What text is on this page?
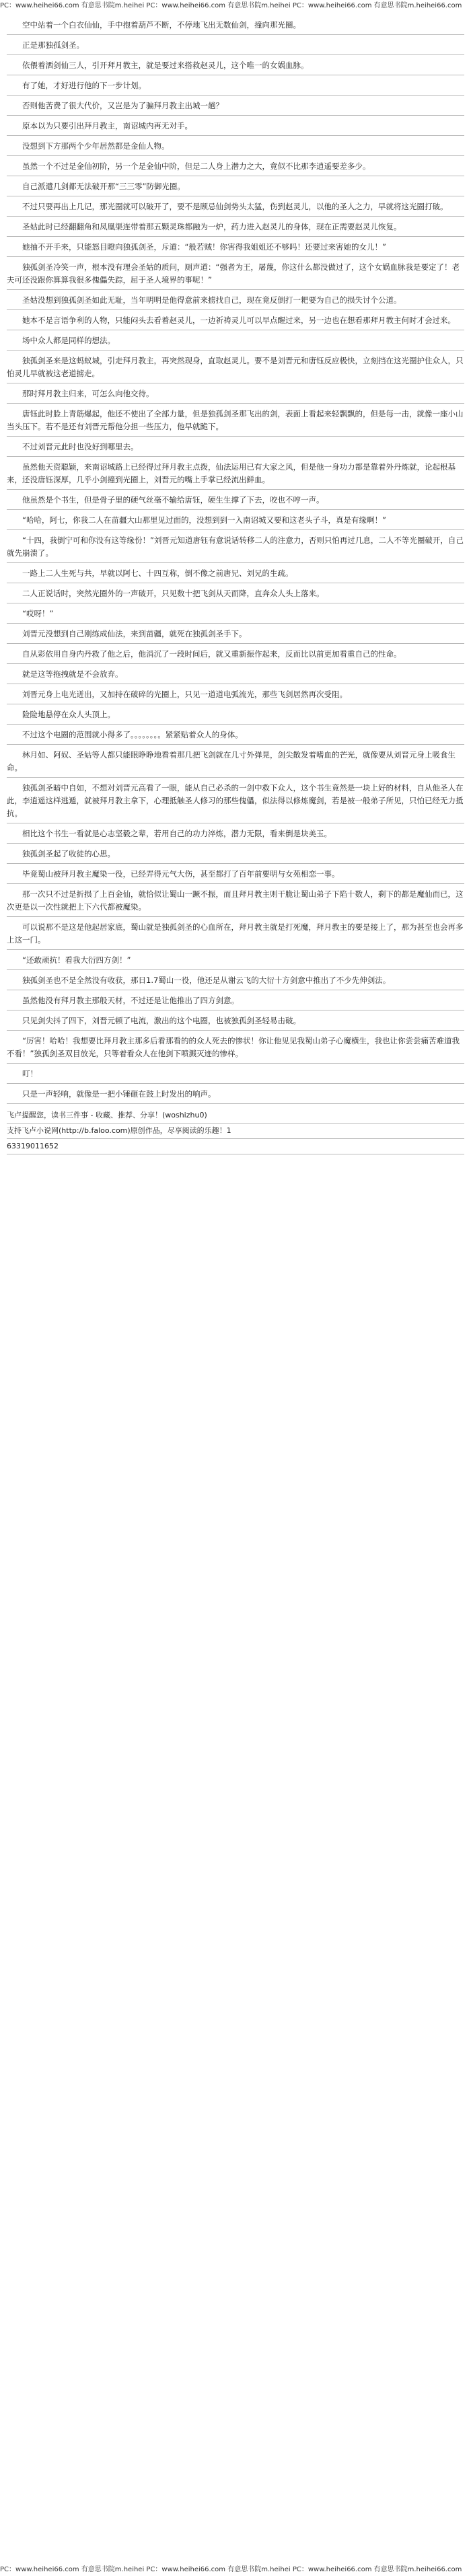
PC：www.heihei66.com 有意思书院m.heihei PC：www.heihei66.com 有意思书院m.heihei PC：www.heihei66.com 有意思书院m.heihei66.com

空中站着一个白衣仙仙，手中抱着葫芦不断，不停地飞出无数仙剑，撞向那光圈。

正是那独孤剑圣。

依偎着洒剑仙三人，引开拜月教主，就是要过来搭救赵灵儿，这个唯一的女娲血脉。

有了她，才好进行他的下一步计划。

否则他苦费了很大代价，又岂是为了骗拜月教主出城一趟？

原本以为只要引出拜月教主，南诏城内再无对手。

没想到下方那两个少年居然都是金仙人物。

虽然一个不过是金仙初阶，另一个是金仙中阶，但是二人身上潜力之大，竟似不比那李逍遥要差多少。

自己派遣几剑都无法破开那“三三零”防御光圈。

不过只要再出上几记，那光圈就可以破开了，要不是顾忌仙剑势头太猛，伤到赵灵儿，以他的圣人之力，早就将这光圈打破。

圣姑此时已经翻翻角和凤凰渠连带着那五颗灵珠都融为一炉，药力进入赵灵儿的身体，现在正需要赵灵儿恢复。

她抽不开手来，只能怒目瞪向独孤剑圣，斥道：“般若贼！你害得我姐姐还不够吗！还要过来害她的女儿！”

独孤剑圣冷笑一声，根本没有理会圣姑的质问，厕声道：“强者为王，屠蔑，你这什么都没做过了，这个女娲血脉我是要定了！老夫可还没跟你算算我很多傀儡失踪，屈于圣人境界的事呢！”

圣姑没想到独孤剑圣如此无耻，当年明明是他得意前来掳找自己，现在竟反倒打一耙要为自己的损失讨个公道。

她本不是言语争利的人物，只能闷头去看着赵灵儿，一边祈祷灵儿可以早点醒过来，另一边也在想看那拜月教主何时才会过来。

场中众人都是同样的想法。

独孤剑圣来是这蚂蚁城，引走拜月教主，再突然现身，直取赵灵儿。要不是刘晋元和唐钰反应极快，立刻挡在这光圈护住众人，只怕灵儿早就被这老道掳走。

那时拜月教主归来，可怎么向他交待。

唐钰此时脸上青筋爆起，他还不使出了全部力量，但是独孤剑圣那飞出的剑，表面上看起来轻飘飘的，但是每一击，就像一座小山当头压下。若不是还有刘晋元帮他分担一些压力，他早就跪下。

不过刘晋元此时也没好到哪里去。

虽然他天资聪颖，来南诏城路上已经得过拜月教主点拨，仙法运用已有大家之风，但是他一身功力都是靠着外丹炼就，论起根基来，还没唐钰深厚，几乎小剑撞到光圈上，刘晋元的嘴上手掌已经流出鲜血。

他虽然是个书生，但是骨子里的硬气丝毫不输给唐钰，硬生生撑了下去，咬也不哼一声。

“哈哈，阿七，你我二人在苗疆大山那里见过面的，没想到到一入南诏城又要和这老头子斗，真是有缘啊！”

“十四，我倒宁可和你没有这等缘份！”刘晋元知道唐钰有意说话转移二人的注意力，否则只怕再过几息，二人不等光圈破开，自己就先崩溃了。

一路上二人生死与共，早就以阿七、十四互称，倒不像之前唐兄、刘兄的生疏。

二人正说话时，突然光圈外的一声破开，只见数十把飞剑从天而降，直奔众人头上落来。

“哎呀！”

刘晋元没想到自己刚练成仙法，来到苗疆，就死在独孤剑圣手下。

自从彩依用自身内丹救了他之后，他消沉了一段时间后，就又重新振作起来，反而比以前更加看重自己的性命。

就是这等拖拽就是不会放弃。

刘晋元身上电光迸出，又加持在破碎的光圈上，只见一道道电弧流光，那些飞剑居然再次受阻。

险险地悬停在众人头顶上。

不过这个电圈的范围就小得多了。。。。。。。。紧紧贴着众人的身体。

林月如、阿奴、圣姑等人都只能眼睁睁地看着那几把飞剑就在几寸外弹晃，剑尖散发着嗜血的芒光，就像要从刘晋元身上吸食生命。

独孤剑圣暗中自如，不想对刘晋元高看了一眼，能从自己必杀的一剑中救下众人，这个书生竟然是一块上好的材料，自从他圣人在此，李逍遥这样逃遁，就被拜月教主拿下，心理抵触圣人修习的那些傀儡，似法得以修炼魔剑，若是被一般弟子所见，只怕已经无力抵抗。

相比这个书生一看就是心志坚毅之辈，若用自己的功力淬炼，潜力无限，看来倒是块美玉。

独孤剑圣起了收徒的心思。

毕竟蜀山被拜月教主魔染一役，已经弄得元气大伤，甚至都打了百年前要明与女苑相恋一事。

那一次只不过是折损了上百金仙，就恰似让蜀山一蹶不振，而且拜月教主则干脆让蜀山弟子下陷十数人，剩下的都是魔仙而已，这次更是以一次性就把上下六代都被魔染。

可以说那不是这是他起居家底，蜀山就是独孤剑圣的心血所在，拜月教主就是打死魔，拜月教主的要是接上了，那为甚至也会再多上这一门。

“还敢顽抗！看我大衍四方剑！”

独孤剑圣也不是全然没有收获，那日1.7蜀山一役，他还是从谢云飞的大衍十方剑意中推出了不少先伸剑法。

虽然他没有拜月教主那般天材，不过还是让他推出了四方剑意。

只见剑尖抖了四下，刘晋元顿了电流，激出的这个电圈，也被独孤剑圣轻易击破。

“厉害！哈哈！我想要比拜月教主那多后看那看的的众人死去的惨状！你让他见见我蜀山弟子心魔横生，我也让你尝尝痛苦难道我不看！”独孤剑圣双目放光，只等着看众人在他剑下喷溅灭迹的惨样。

叮！

只是一声轻响，就像是一把小锤砸在鼓上时发出的响声。

飞卢提醒您，读书三件事 - 收藏、推荐、分享！(woshizhu0)
支持飞卢小说网(http://b.faloo.com)原创作品，尽享阅读的乐趣！1
63319011652
PC：www.heihei66.com 有意思书院m.heihei PC：www.heihei66.com 有意思书院m.heihei PC：www.heihei66.com 有意思书院m.heihei66.com
